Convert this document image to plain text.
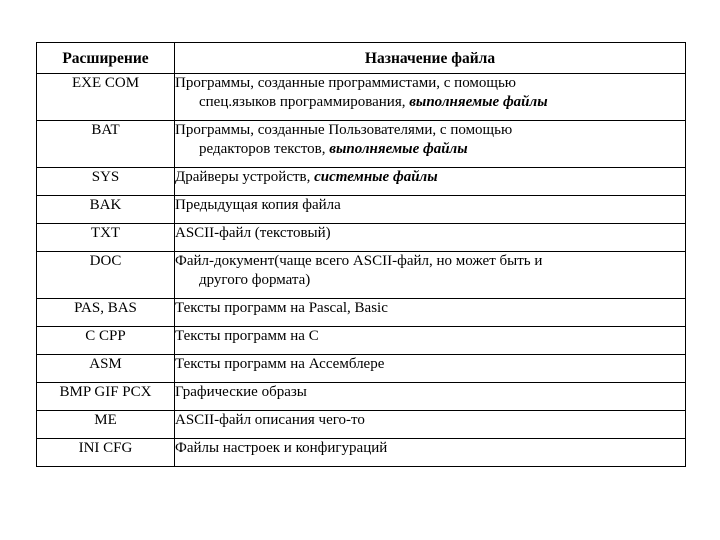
Расширение	Назначение файла
EXE COM	Программы, созданные программистами, с помощью
спец.языков программирования, выполняемые файлы

BAT	Программы, созданные Пользователями, с помощью
редакторов текстов, выполняемые файлы

SYS	Драйверы устройств, системные файлы
BAK	Предыдущая копия файла
TXT	ASCII-файл (текстовый)
DOC	Файл-документ(чаще всего ASCII-файл, но может быть и
другого формата)

PAS, BAS	Тексты программ на Pascal, Basic
C CPP	Тексты программ на С
ASM	Тексты программ на Ассемблере
BMP GIF PCX	Графические образы
ME	ASCII-файл описания чего-то
INI CFG	Файлы настроек и конфигураций
